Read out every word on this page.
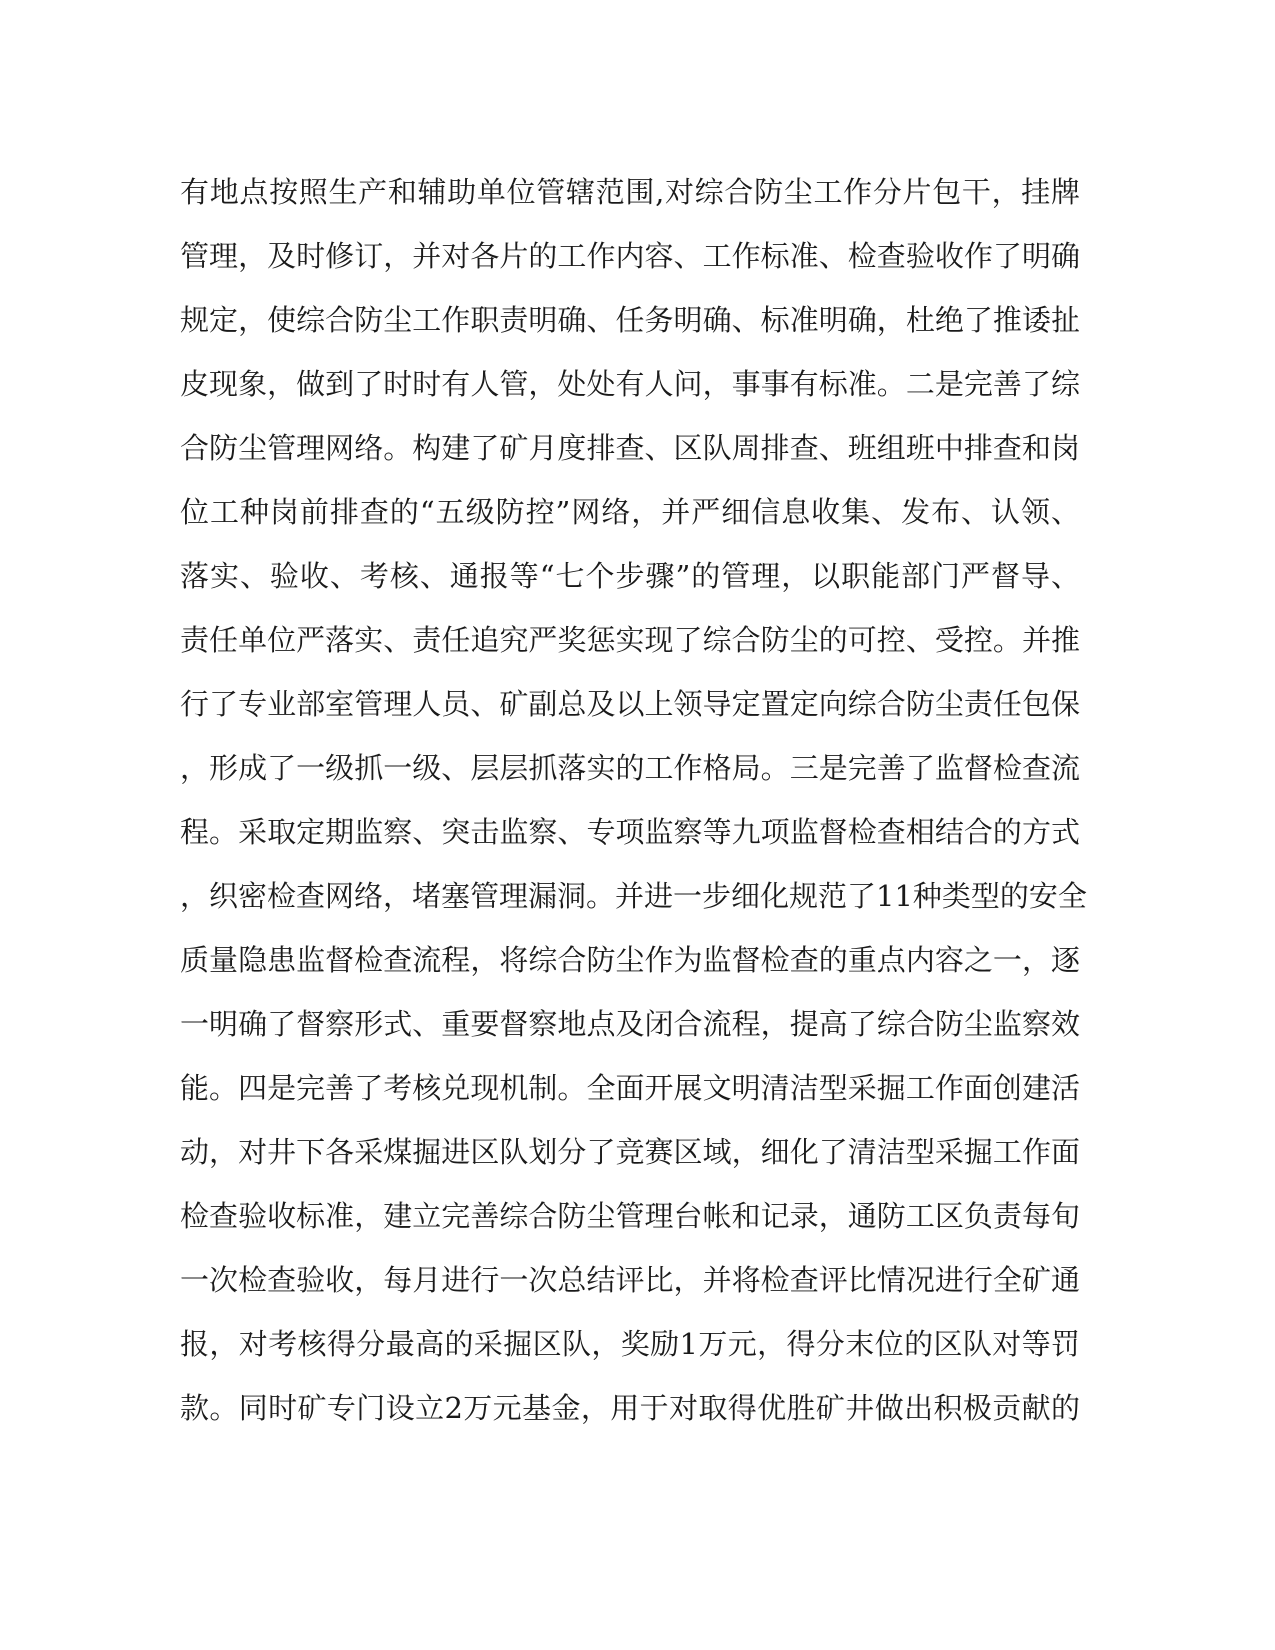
有地点按照生产和辅助单位管辖范围,对综合防尘工作分片包干，挂牌
管理，及时修订，并对各片的工作内容、工作标准、检查验收作了明确
规定，使综合防尘工作职责明确、任务明确、标准明确，杜绝了推诿扯
皮现象，做到了时时有人管，处处有人问，事事有标准。二是完善了综
合防尘管理网络。构建了矿月度排查、区队周排查、班组班中排查和岗
位工种岗前排查的“五级防控”网络，并严细信息收集、发布、认领、
落实、验收、考核、通报等“七个步骤”的管理，以职能部门严督导、
责任单位严落实、责任追究严奖惩实现了综合防尘的可控、受控。并推
行了专业部室管理人员、矿副总及以上领导定置定向综合防尘责任包保
，形成了一级抓一级、层层抓落实的工作格局。三是完善了监督检查流
程。采取定期监察、突击监察、专项监察等九项监督检查相结合的方式
，织密检查网络，堵塞管理漏洞。并进一步细化规范了11种类型的安全
质量隐患监督检查流程，将综合防尘作为监督检查的重点内容之一，逐
一明确了督察形式、重要督察地点及闭合流程，提高了综合防尘监察效
能。四是完善了考核兑现机制。全面开展文明清洁型采掘工作面创建活
动，对井下各采煤掘进区队划分了竞赛区域，细化了清洁型采掘工作面
检查验收标准，建立完善综合防尘管理台帐和记录，通防工区负责每旬
一次检查验收，每月进行一次总结评比，并将检查评比情况进行全矿通
报，对考核得分最高的采掘区队，奖励1万元，得分末位的区队对等罚
款。同时矿专门设立2万元基金，用于对取得优胜矿井做出积极贡献的
